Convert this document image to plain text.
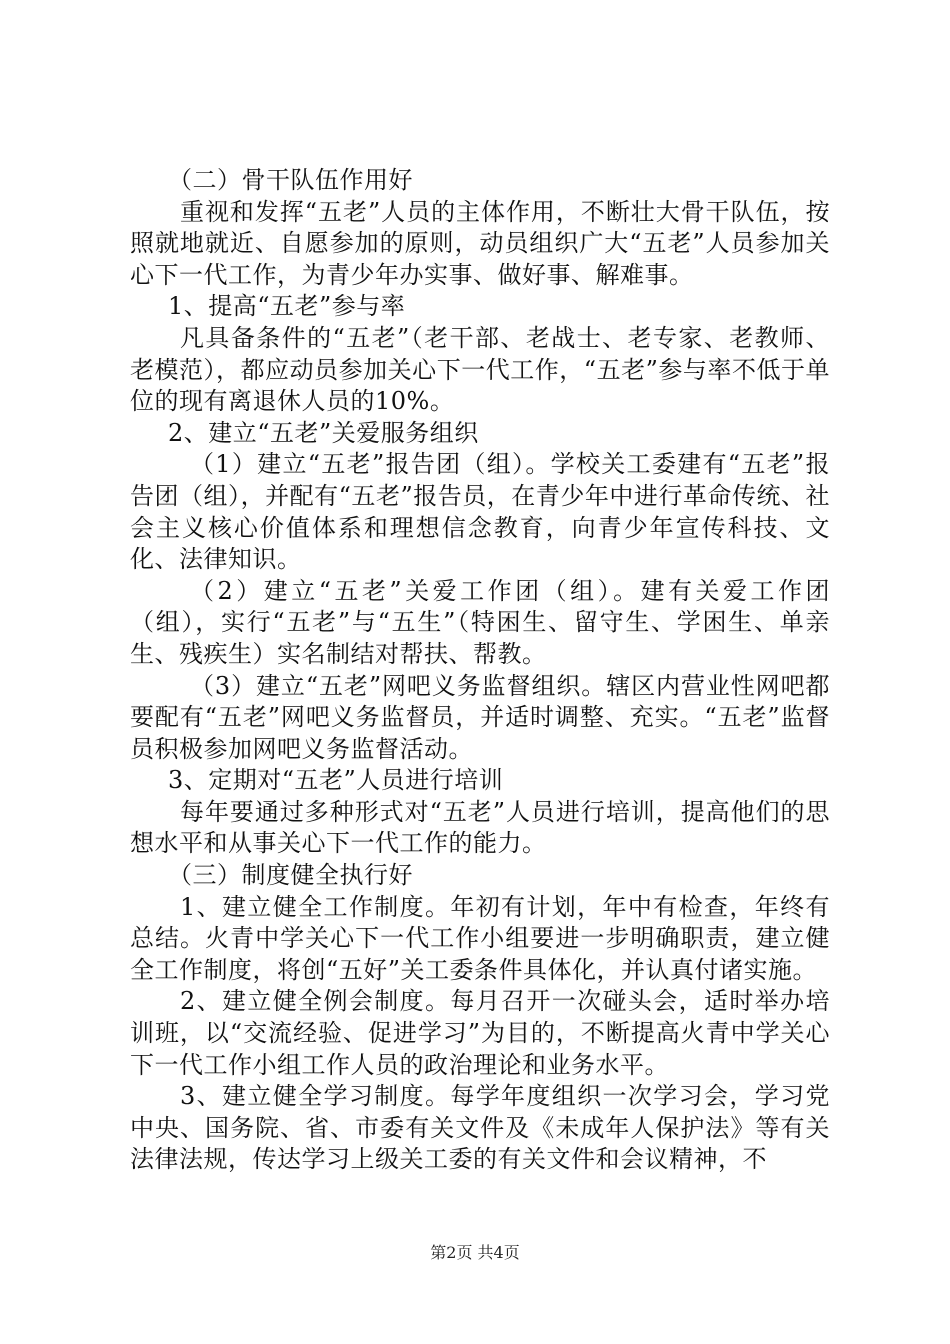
（二）骨干队伍作用好

重视和发挥“五老”人员的主体作用，不断壮大骨干队伍，按照就地就近、自愿参加的原则，动员组织广大“五老”人员参加关心下一代工作，为青少年办实事、做好事、解难事。

1、提高“五老”参与率

凡具备条件的“五老”（老干部、老战士、老专家、老教师、老模范），都应动员参加关心下一代工作，“五老”参与率不低于单位的现有离退休人员的10%。

2、建立“五老”关爱服务组织

（1）建立“五老”报告团（组）。学校关工委建有“五老”报告团（组），并配有“五老”报告员，在青少年中进行革命传统、社会主义核心价值体系和理想信念教育，向青少年宣传科技、文化、法律知识。

（2）建立“五老”关爱工作团（组）。建有关爱工作团（组），实行“五老”与“五生”（特困生、留守生、学困生、单亲生、残疾生）实名制结对帮扶、帮教。

（3）建立“五老”网吧义务监督组织。辖区内营业性网吧都要配有“五老”网吧义务监督员，并适时调整、充实。“五老”监督员积极参加网吧义务监督活动。

3、定期对“五老”人员进行培训

每年要通过多种形式对“五老”人员进行培训，提高他们的思想水平和从事关心下一代工作的能力。

（三）制度健全执行好

1、建立健全工作制度。年初有计划，年中有检查，年终有总结。火青中学关心下一代工作小组要进一步明确职责，建立健全工作制度，将创“五好”关工委条件具体化，并认真付诸实施。

2、建立健全例会制度。每月召开一次碰头会，适时举办培训班，以“交流经验、促进学习”为目的，不断提高火青中学关心下一代工作小组工作人员的政治理论和业务水平。

3、建立健全学习制度。每学年度组织一次学习会，学习党中央、国务院、省、市委有关文件及《未成年人保护法》等有关法律法规，传达学习上级关工委的有关文件和会议精神，不

第2页 共4页
